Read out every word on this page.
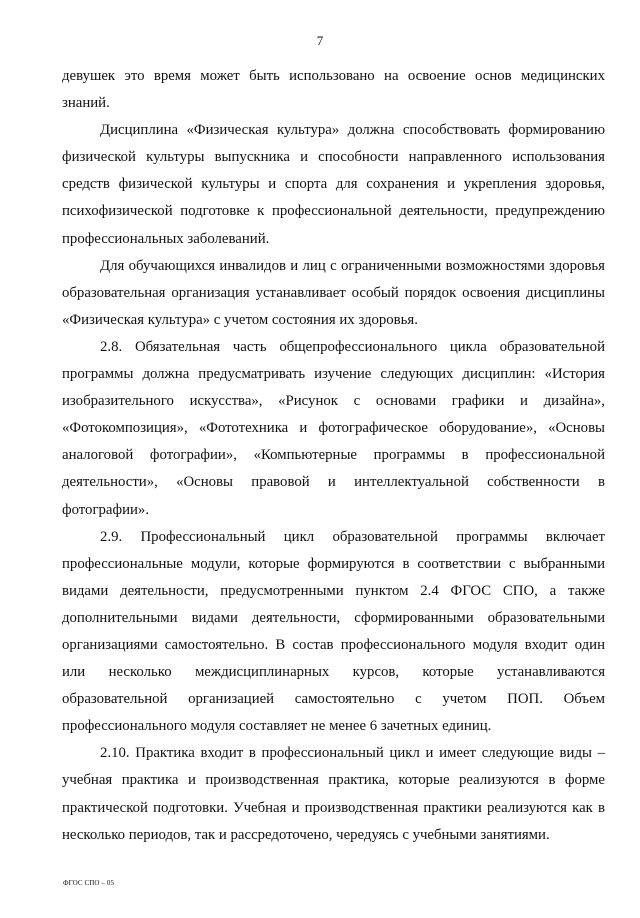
7

девушек это время может быть использовано на освоение основ медицинских знаний.

Дисциплина «Физическая культура» должна способствовать формированию физической культуры выпускника и способности направленного использования средств физической культуры и спорта для сохранения и укрепления здоровья, психофизической подготовке к профессиональной деятельности, предупреждению профессиональных заболеваний.

Для обучающихся инвалидов и лиц с ограниченными возможностями здоровья образовательная организация устанавливает особый порядок освоения дисциплины «Физическая культура» с учетом состояния их здоровья.

2.8. Обязательная часть общепрофессионального цикла образовательной программы должна предусматривать изучение следующих дисциплин: «История изобразительного искусства», «Рисунок с основами графики и дизайна», «Фотокомпозиция», «Фототехника и фотографическое оборудование», «Основы аналоговой фотографии», «Компьютерные программы в профессиональной деятельности», «Основы правовой и интеллектуальной собственности в фотографии».

2.9. Профессиональный цикл образовательной программы включает профессиональные модули, которые формируются в соответствии с выбранными видами деятельности, предусмотренными пунктом 2.4 ФГОС СПО, а также дополнительными видами деятельности, сформированными образовательными организациями самостоятельно. В состав профессионального модуля входит один или несколько междисциплинарных курсов, которые устанавливаются образовательной организацией самостоятельно с учетом ПОП. Объем профессионального модуля составляет не менее 6 зачетных единиц.

2.10. Практика входит в профессиональный цикл и имеет следующие виды – учебная практика и производственная практика, которые реализуются в форме практической подготовки. Учебная и производственная практики реализуются как в несколько периодов, так и рассредоточено, чередуясь с учебными занятиями.

ФГОС СПО – 05
